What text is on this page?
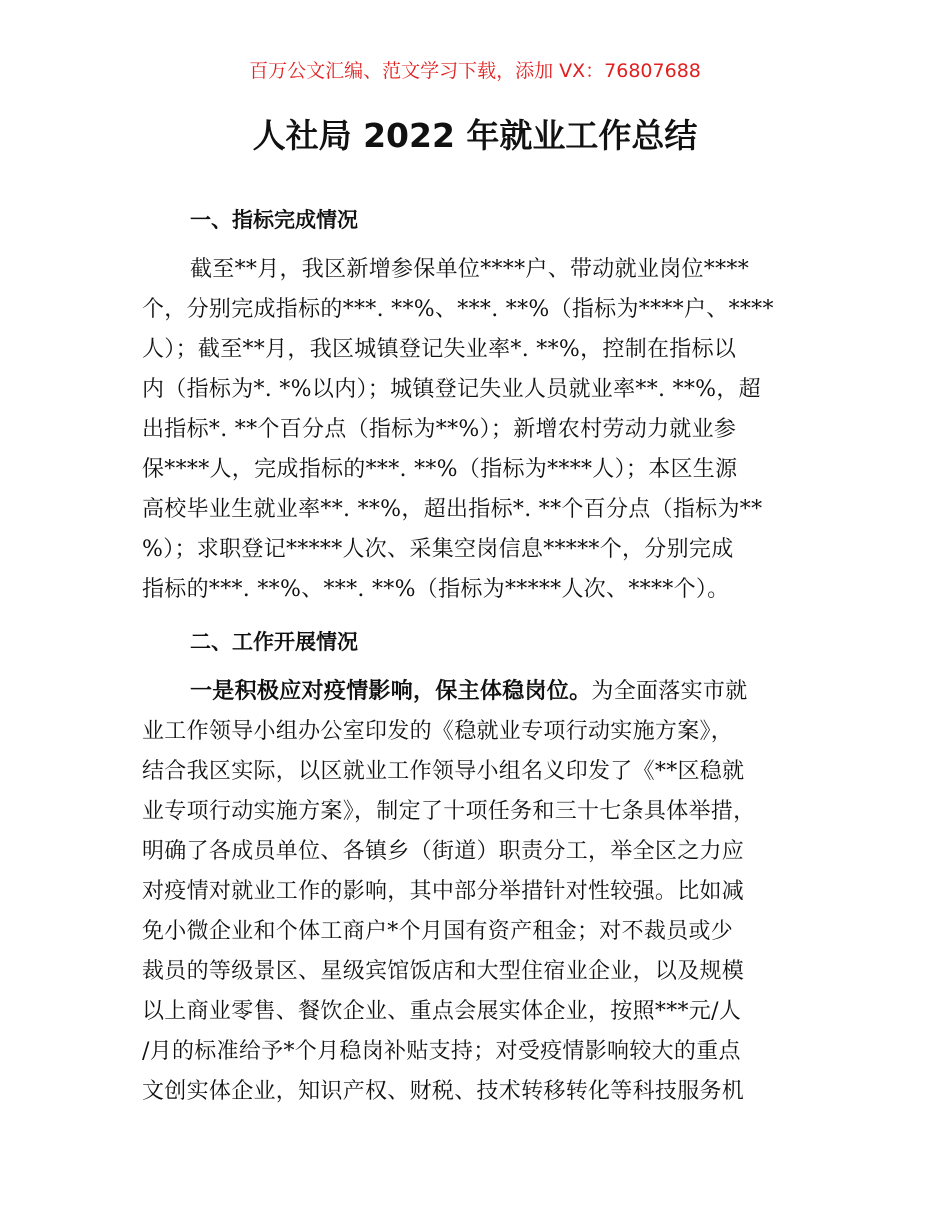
百万公文汇编、范文学习下载，添加 VX：76807688
人社局 2022 年就业工作总结
一、指标完成情况
截至**月，我区新增参保单位****户、带动就业岗位****
个，分别完成指标的***. **%、***. **%（指标为****户、****
人）；截至**月，我区城镇登记失业率*. **%，控制在指标以
内（指标为*. *%以内）；城镇登记失业人员就业率**. **%，超
出指标*. **个百分点（指标为**%）；新增农村劳动力就业参
保****人，完成指标的***. **%（指标为****人）；本区生源
高校毕业生就业率**. **%，超出指标*. **个百分点（指标为**
%）；求职登记*****人次、采集空岗信息*****个，分别完成
指标的***. **%、***. **%（指标为*****人次、****个）。
二、工作开展情况
一是积极应对疫情影响，保主体稳岗位。为全面落实市就
业工作领导小组办公室印发的《稳就业专项行动实施方案》，
结合我区实际，以区就业工作领导小组名义印发了《**区稳就
业专项行动实施方案》，制定了十项任务和三十七条具体举措，
明确了各成员单位、各镇乡（街道）职责分工，举全区之力应
对疫情对就业工作的影响，其中部分举措针对性较强。比如减
免小微企业和个体工商户*个月国有资产租金；对不裁员或少
裁员的等级景区、星级宾馆饭店和大型住宿业企业，以及规模
以上商业零售、餐饮企业、重点会展实体企业，按照***元/人
/月的标准给予*个月稳岗补贴支持；对受疫情影响较大的重点
文创实体企业，知识产权、财税、技术转移转化等科技服务机
